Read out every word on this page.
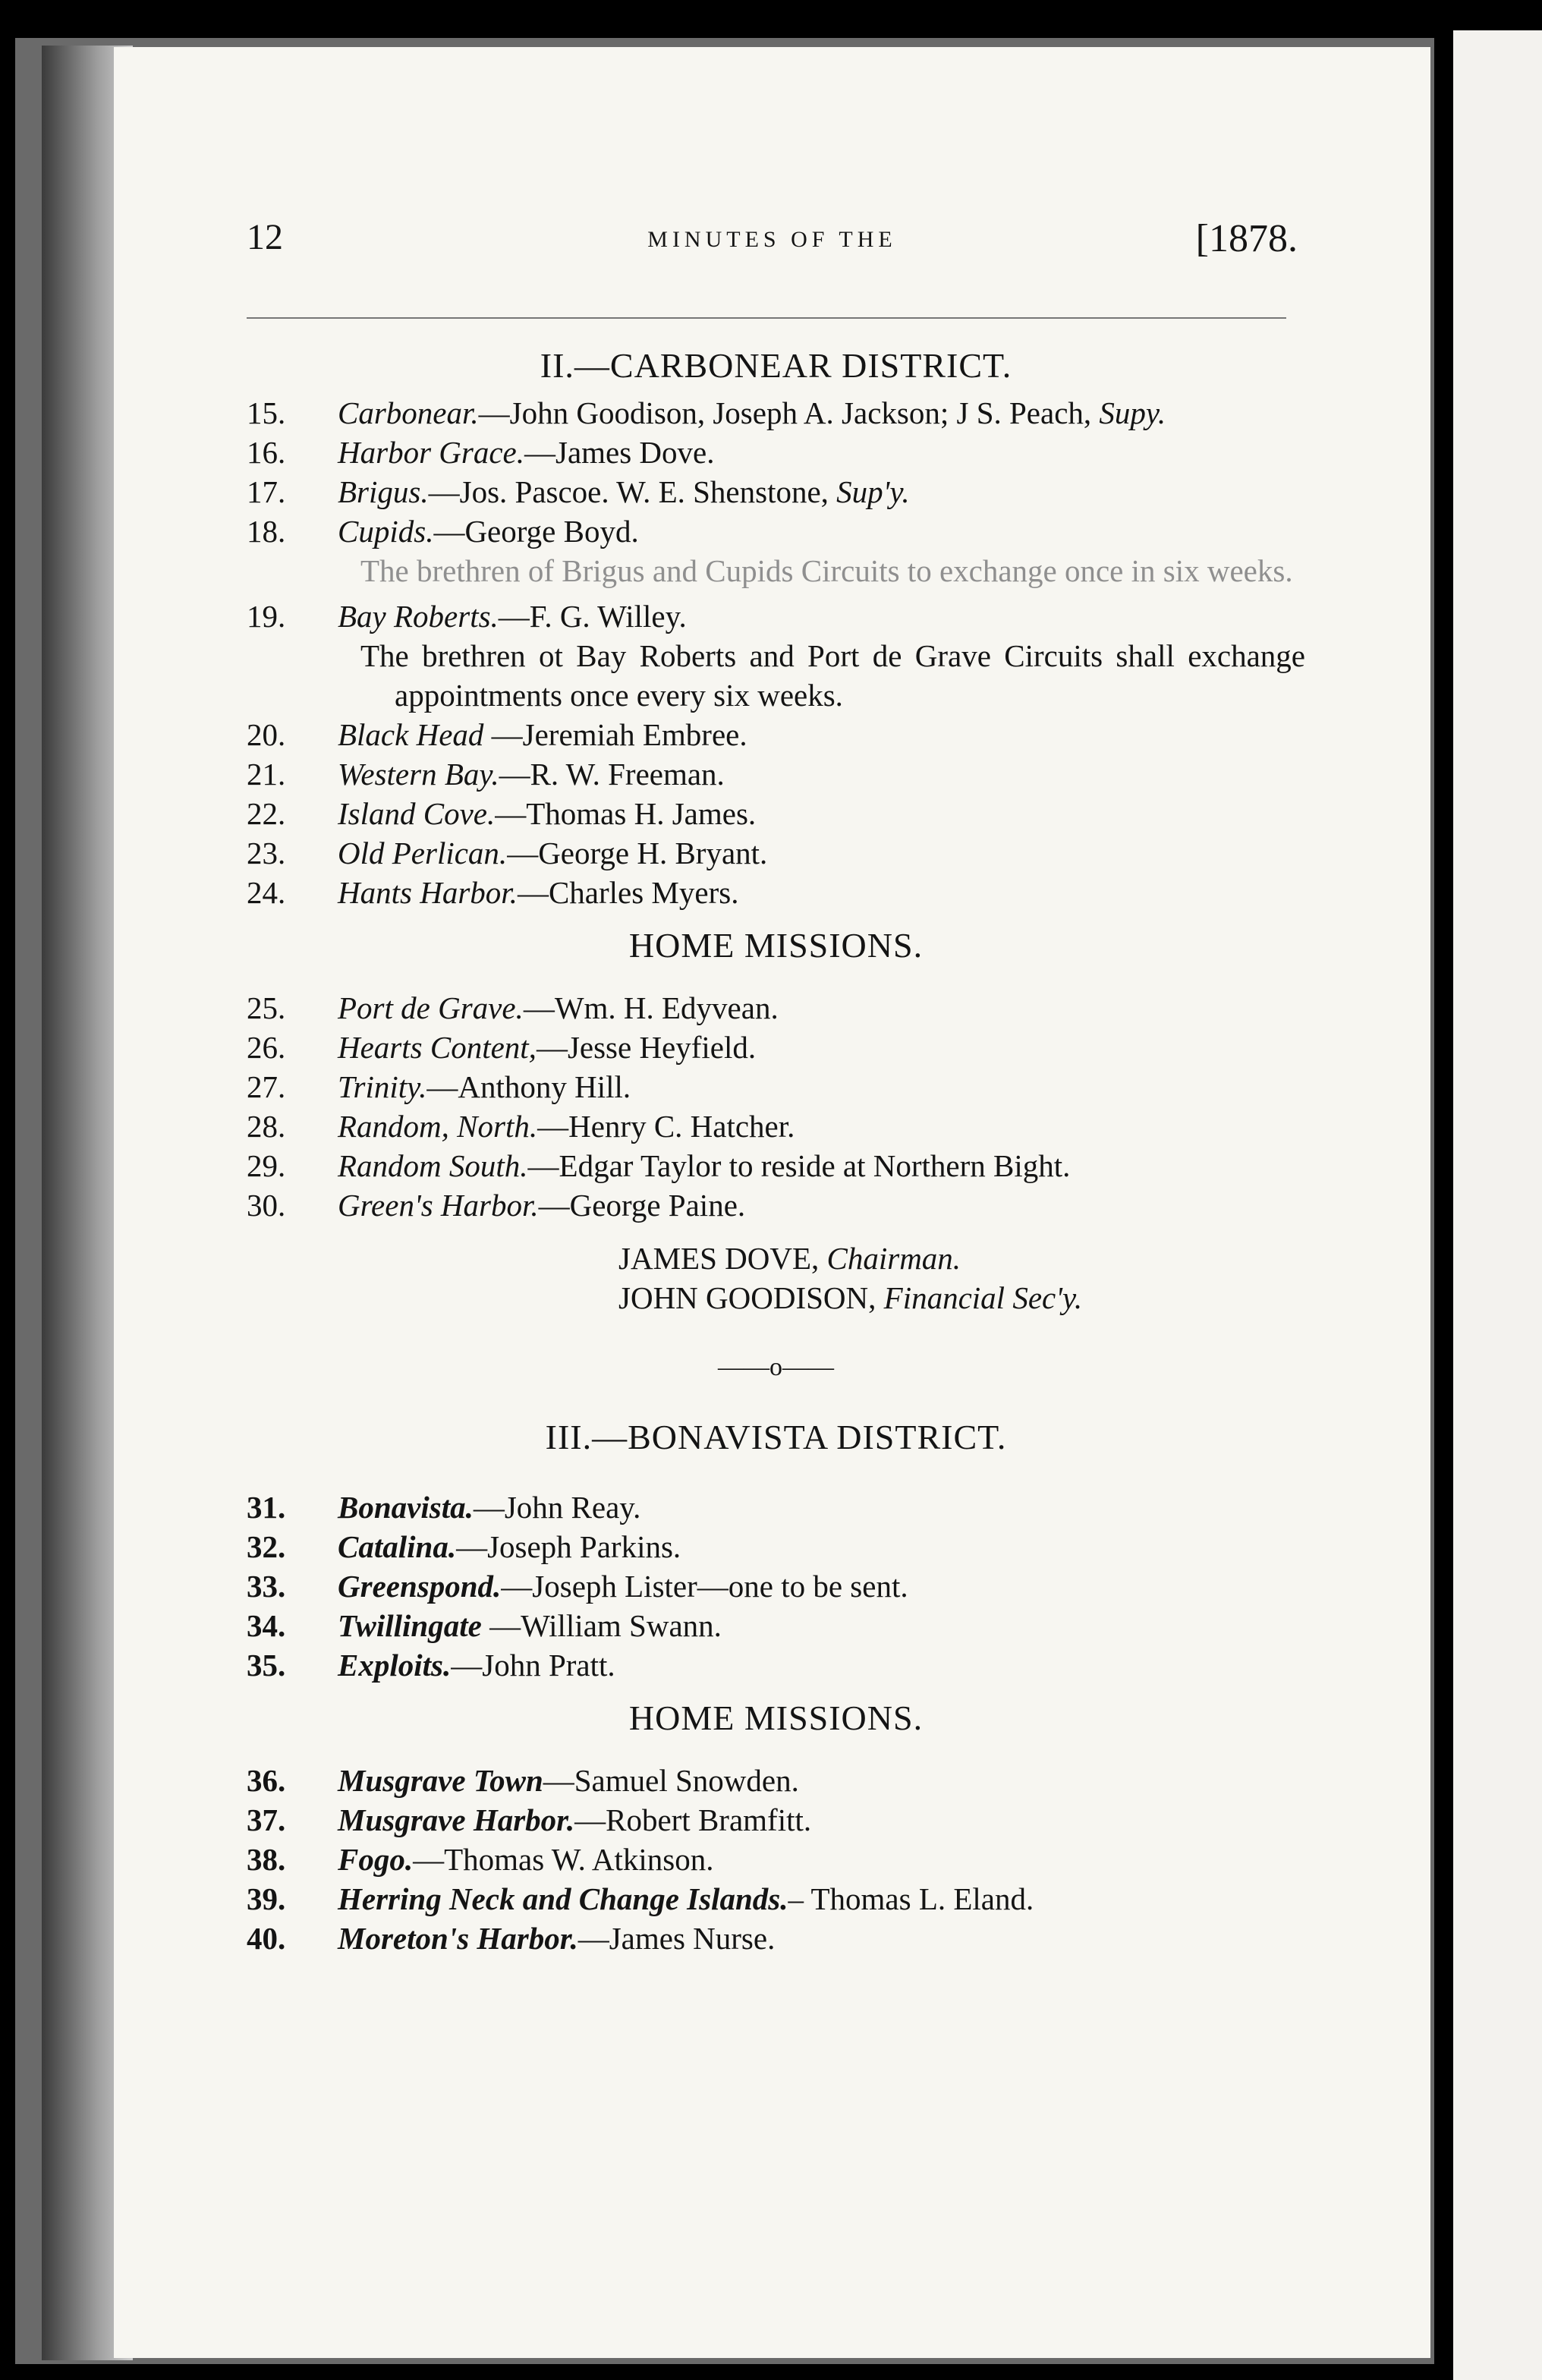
12	MINUTES OF THE	[1878.
II.—CARBONEAR DISTRICT.
15.	Carbonear.—John Goodison, Joseph A. Jackson; J S. Peach, Supy.
16.	Harbor Grace.—James Dove.
17.	Brigus.—Jos. Pascoe. W. E. Shenstone, Sup'y.
18.	Cupids.—George Boyd.
The brethren of Brigus and Cupids Circuits to exchange once in six weeks.
19.	Bay Roberts.—F. G. Willey.
The brethren ot Bay Roberts and Port de Grave Circuits shall exchange appointments once every six weeks.
20.	Black Head —Jeremiah Embree.
21.	Western Bay.—R. W. Freeman.
22.	Island Cove.—Thomas H. James.
23.	Old Perlican.—George H. Bryant.
24.	Hants Harbor.—Charles Myers.
HOME MISSIONS.
25.	Port de Grave.—Wm. H. Edyvean.
26.	Hearts Content,—Jesse Heyfield.
27.	Trinity.—Anthony Hill.
28.	Random, North.—Henry C. Hatcher.
29.	Random South.—Edgar Taylor to reside at Northern Bight.
30.	Green's Harbor.—George Paine.
JAMES DOVE, Chairman.
JOHN GOODISON, Financial Sec'y.
——o——
III.—BONAVISTA DISTRICT.
31.	Bonavista.—John Reay.
32.	Catalina.—Joseph Parkins.
33.	Greenspond.—Joseph Lister—one to be sent.
34.	Twillingate —William Swann.
35.	Exploits.—John Pratt.
HOME MISSIONS.
36.	Musgrave Town—Samuel Snowden.
37.	Musgrave Harbor.—Robert Bramfitt.
38.	Fogo.—Thomas W. Atkinson.
39.	Herring Neck and Change Islands.– Thomas L. Eland.
40.	Moreton's Harbor.—James Nurse.
